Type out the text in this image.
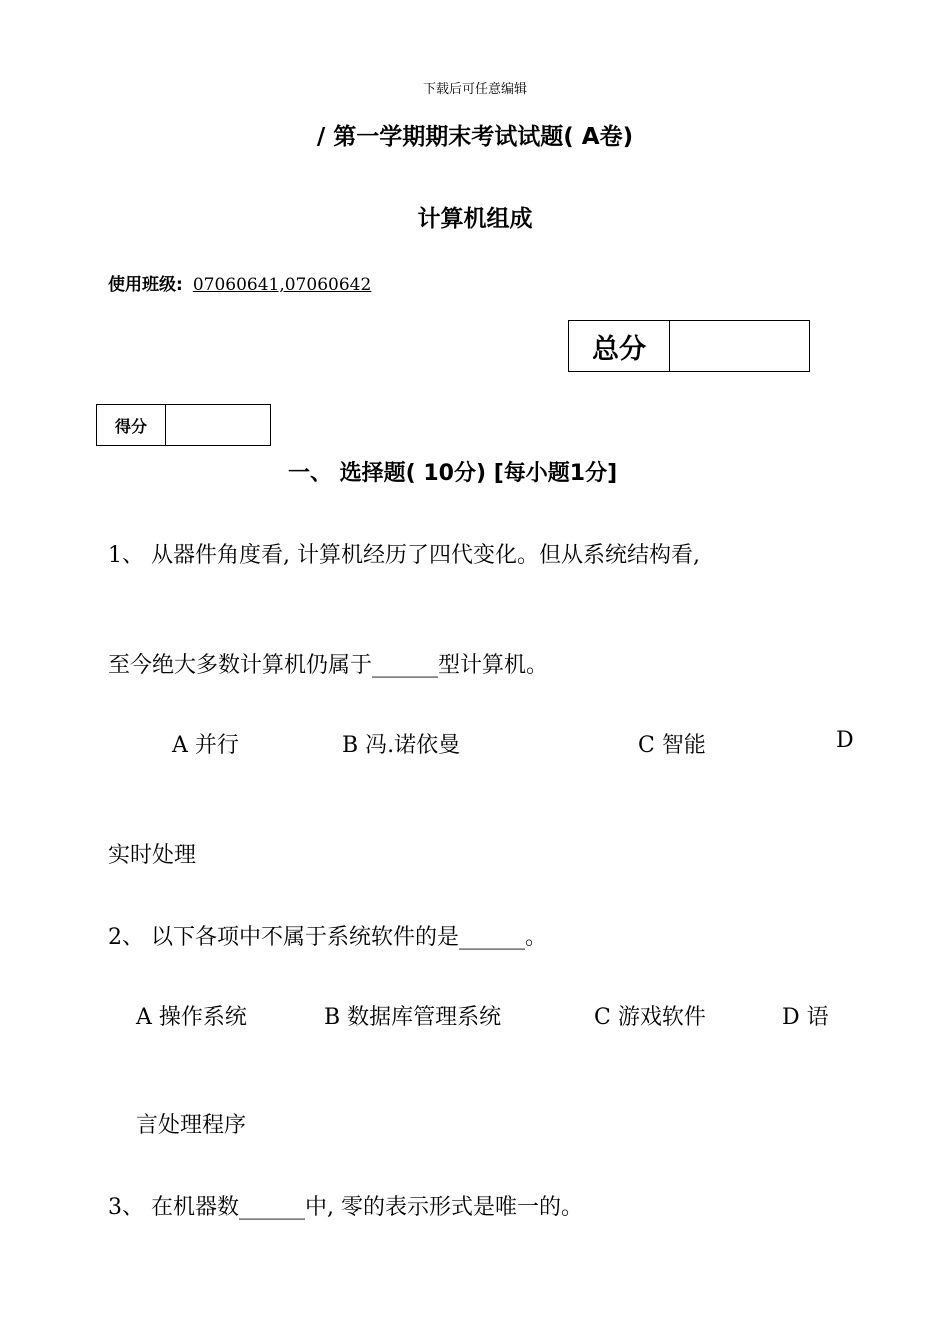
下载后可任意编辑
/ 第一学期期末考试试题( A卷)
计算机组成
使用班级: 07060641,07060642
总分
得分
一、 选择题( 10分) [每小题1分]
1、 从器件角度看, 计算机经历了四代变化。但从系统结构看,
至今绝大多数计算机仍属于______型计算机。
A 并行	B 冯.诺依曼	C 智能	D
实时处理
2、 以下各项中不属于系统软件的是______。
A 操作系统	B 数据库管理系统	C 游戏软件	D 语
言处理程序
3、 在机器数______中, 零的表示形式是唯一的。
